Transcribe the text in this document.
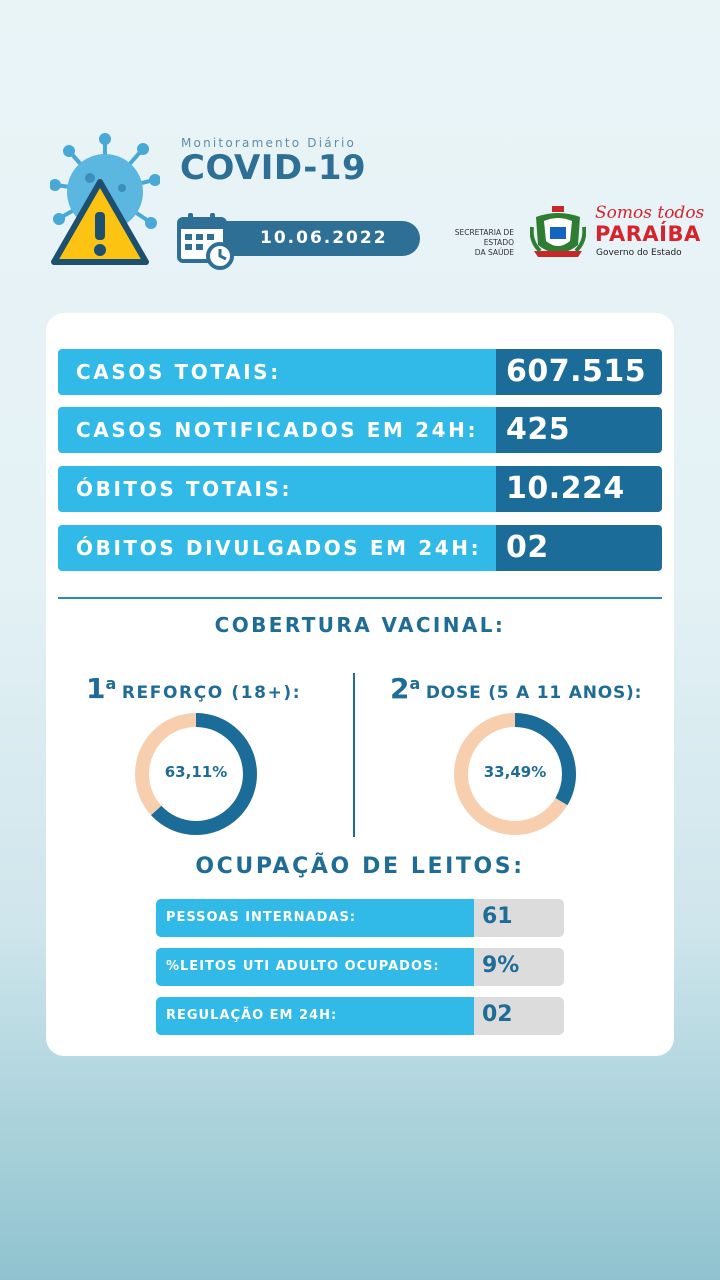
Monitoramento Diário
COVID-19
10.06.2022	SECRETARIA DE ESTADO
DA SAÚDE
Somos todos
PARAÍBA
Governo do Estado
CASOS TOTAIS:	607.515
CASOS NOTIFICADOS EM 24H: 425
ÓBITOS TOTAIS:	10.224
ÓBITOS DIVULGADOS EM 24H: 02
COBERTURA VACINAL:
1a REFORÇO (18+):	2a DOSE (5 A 11 ANOS):
63,11%	33,49%
OCUPAÇÃO DE LEITOS:
PESSOAS INTERNADAS:	61
%LEITOS UTI ADULTO OCUPADOS: 9%
REGULAÇÃO EM 24H:	02
